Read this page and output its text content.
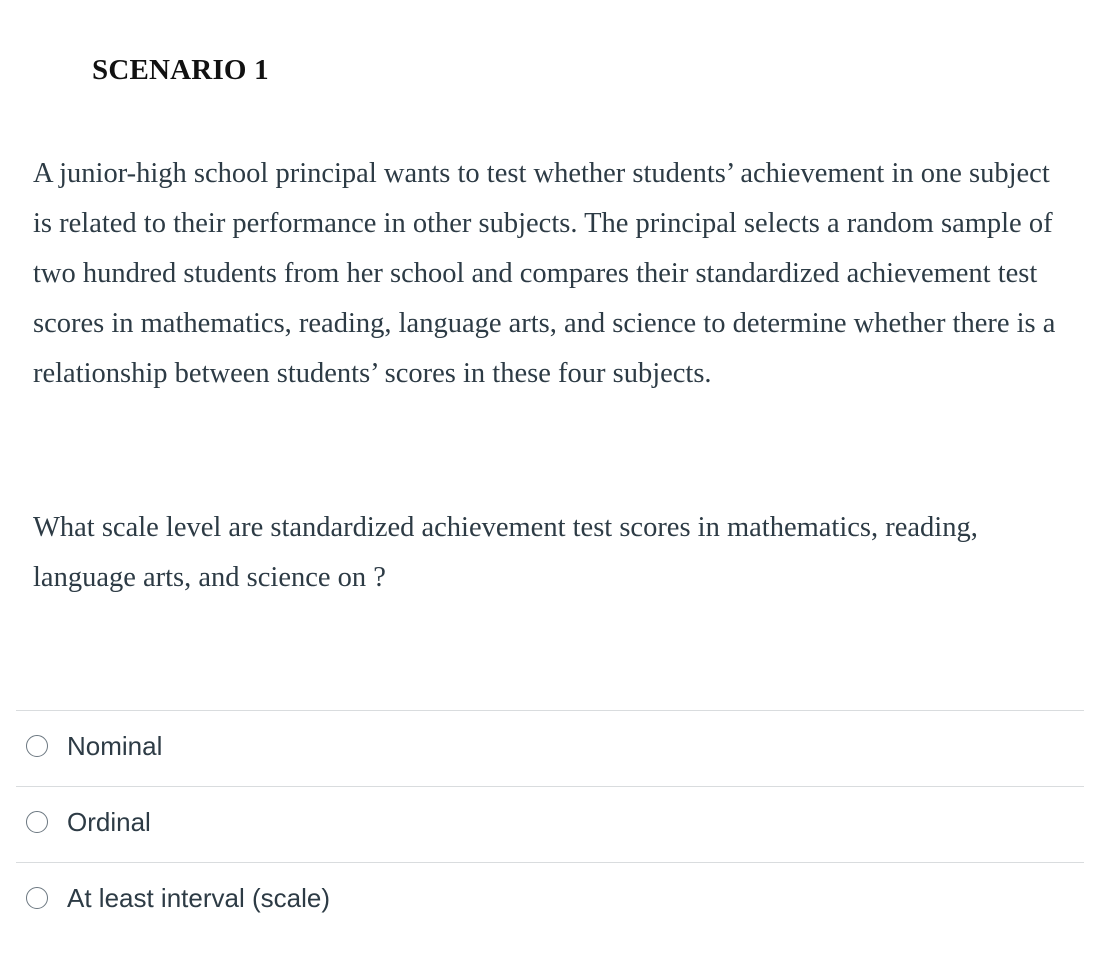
SCENARIO 1

A junior-high school principal wants to test whether students’ achievement in one subject is related to their performance in other subjects. The principal selects a random sample of two hundred students from her school and compares their standardized achievement test scores in mathematics, reading, language arts, and science to determine whether there is a relationship between students’ scores in these four subjects.

What scale level are standardized achievement test scores in mathematics, reading, language arts, and science on ?

Nominal
Ordinal
At least interval (scale)
